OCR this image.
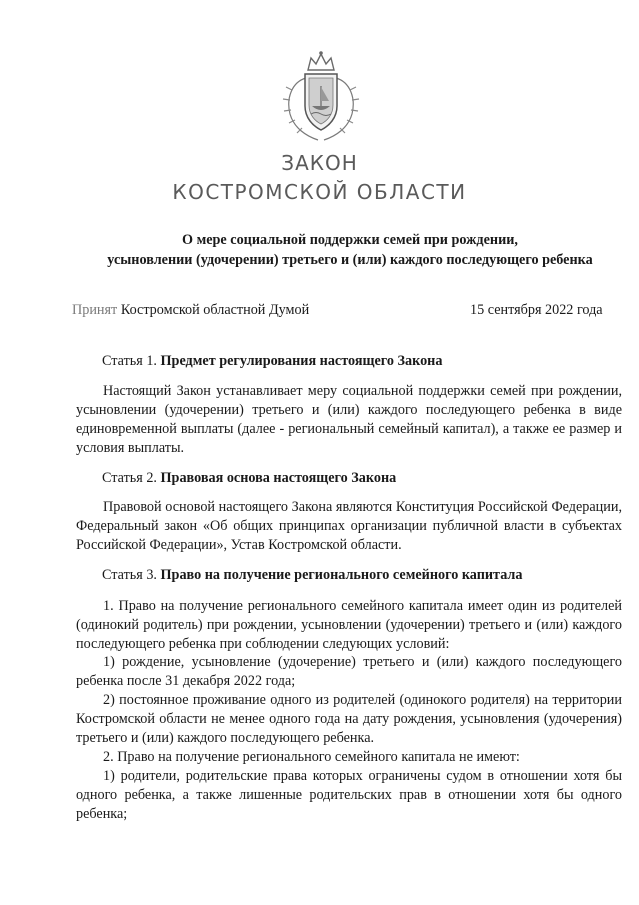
ЗАКОН
КОСТРОМСКОЙ ОБЛАСТИ
О мере социальной поддержки семей при рождении,
усыновлении (удочерении) третьего и (или) каждого последующего ребенка
Принят Костромской областной Думой	15 сентября 2022 года
Статья 1. Предмет регулирования настоящего Закона

Настоящий Закон устанавливает меру социальной поддержки семей при рождении, усыновлении (удочерении) третьего и (или) каждого последующего ребенка в виде единовременной выплаты (далее - региональный семейный капитал), а также ее размер и условия выплаты.

Статья 2. Правовая основа настоящего Закона

Правовой основой настоящего Закона являются Конституция Российской Федерации, Федеральный закон «Об общих принципах организации публичной власти в субъектах Российской Федерации», Устав Костромской области.

Статья 3. Право на получение регионального семейного капитала

1. Право на получение регионального семейного капитала имеет один из родителей (одинокий родитель) при рождении, усыновлении (удочерении) третьего и (или) каждого последующего ребенка при соблюдении следующих условий:

1) рождение, усыновление (удочерение) третьего и (или) каждого последующего ребенка после 31 декабря 2022 года;

2) постоянное проживание одного из родителей (одинокого родителя) на территории Костромской области не менее одного года на дату рождения, усыновления (удочерения) третьего и (или) каждого последующего ребенка.

2. Право на получение регионального семейного капитала не имеют:

1) родители, родительские права которых ограничены судом в отношении хотя бы одного ребенка, а также лишенные родительских прав в отношении хотя бы одного ребенка;
